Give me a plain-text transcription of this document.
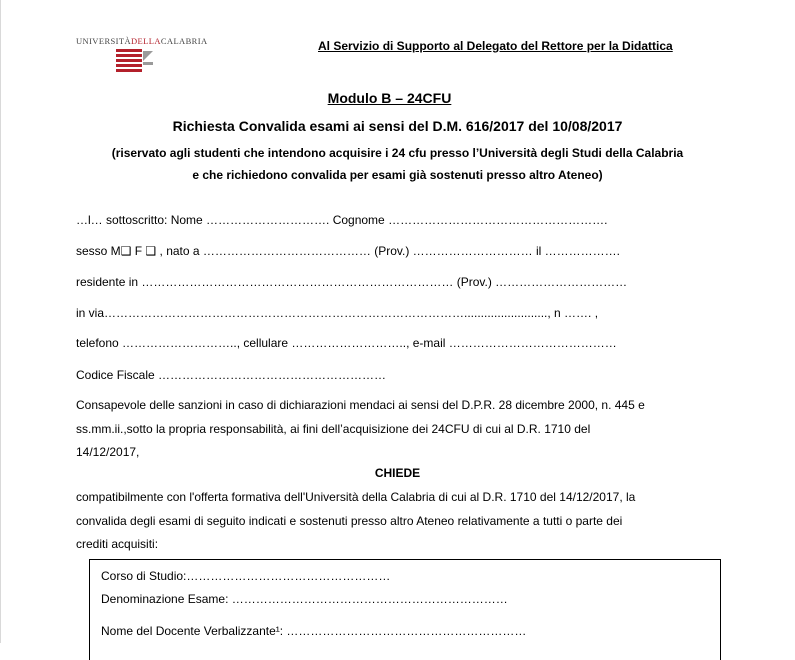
UNIVERSITÀDELLACALABRIA	Al Servizio di Supporto al Delegato del Rettore per la Didattica
Modulo B – 24CFU
Richiesta Convalida esami ai sensi del D.M. 616/2017 del 10/08/2017
(riservato agli studenti che intendono acquisire i 24 cfu presso l’Università degli Studi della Calabria
e che richiedono convalida per esami già sostenuti presso altro Ateneo)
…l… sottoscritto: Nome …………………………. Cognome ……………………………………………….
sesso M❑ F ❑ , nato a …………………………………… (Prov.) ………………………… il ……………….
residente in …………………………………………………………………… (Prov.) ……………………………
in via………………………………………………………………………………........................., n ……. ,
telefono ……………………….., cellulare ……………………….., e-mail ……………………………………
Codice Fiscale …………………………………………………
Consapevole delle sanzioni in caso di dichiarazioni mendaci ai sensi del D.P.R. 28 dicembre 2000, n. 445 e
ss.mm.ii.,sotto la propria responsabilità, ai fini dell’acquisizione dei 24CFU di cui al D.R. 1710 del
14/12/2017,
CHIEDE
compatibilmente con l'offerta formativa dell'Università della Calabria di cui al D.R. 1710 del 14/12/2017, la
convalida degli esami di seguito indicati e sostenuti presso altro Ateneo relativamente a tutti o parte dei
crediti acquisiti:
Corso di Studio:……………………………………………
Denominazione Esame: ……………………………………………………………
Nome del Docente Verbalizzante¹: ……………………………………………………
